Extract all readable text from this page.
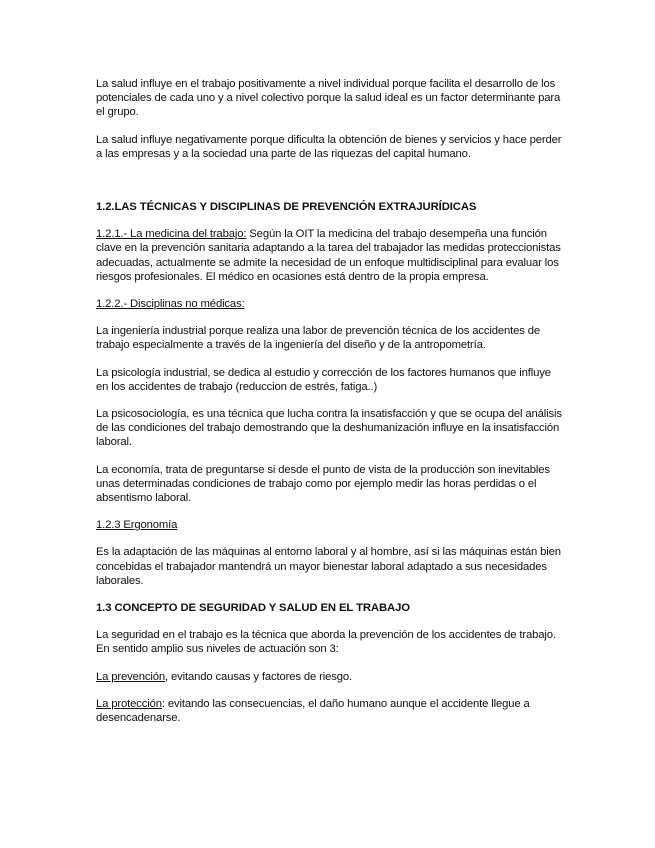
La salud influye en el trabajo positivamente a nivel individual porque facilita el desarrollo de los potenciales de cada uno y a nivel colectivo porque la salud ideal es un factor determinante para el grupo.

La salud influye negativamente porque dificulta la obtención de bienes y servicios y hace perder a las empresas y a la sociedad una parte de las riquezas del capital humano.

1.2.LAS TÉCNICAS Y DISCIPLINAS DE PREVENCIÓN EXTRAJURÍDICAS

1.2.1.- La medicina del trabajo: Según la OIT la medicina del trabajo desempeña una función clave en la prevención sanitaria adaptando a la tarea del trabajador las medidas proteccionistas adecuadas, actualmente se admite la necesidad de un enfoque multidisciplinal para evaluar los riesgos profesionales. El médico en ocasiones está dentro de la propia empresa.

1.2.2.- Disciplinas no médicas:

La ingeniería industrial porque realiza una labor de prevención técnica de los accidentes de trabajo especialmente a través de la ingeniería del diseño y de la antropometría.

La psicología industrial, se dedica al estudio y corrección de los factores humanos que influye en los accidentes de trabajo (reduccion de estrés, fatiga..)

La psicosociología, es una técnica que lucha contra la insatisfacción y que se ocupa del análisis de las condiciones del trabajo demostrando que la deshumanización influye en la insatisfacción laboral.

La economía, trata de preguntarse si desde el punto de vista de la producción son inevitables unas determinadas condiciones de trabajo como por ejemplo medir las horas perdidas o el absentismo laboral.

1.2.3 Ergonomía

Es la adaptación de las máquinas al entorno laboral y al hombre, así si las máquinas están bien concebidas el trabajador mantendrá un mayor bienestar laboral adaptado a sus necesidades laborales.

1.3 CONCEPTO DE SEGURIDAD Y SALUD EN EL TRABAJO

La seguridad en el trabajo es la técnica que aborda la prevención de los accidentes de trabajo. En sentido amplio sus niveles de actuación son 3:

La prevención, evitando causas y factores de riesgo.

La protección: evitando las consecuencias, el daño humano aunque el accidente llegue a desencadenarse.
